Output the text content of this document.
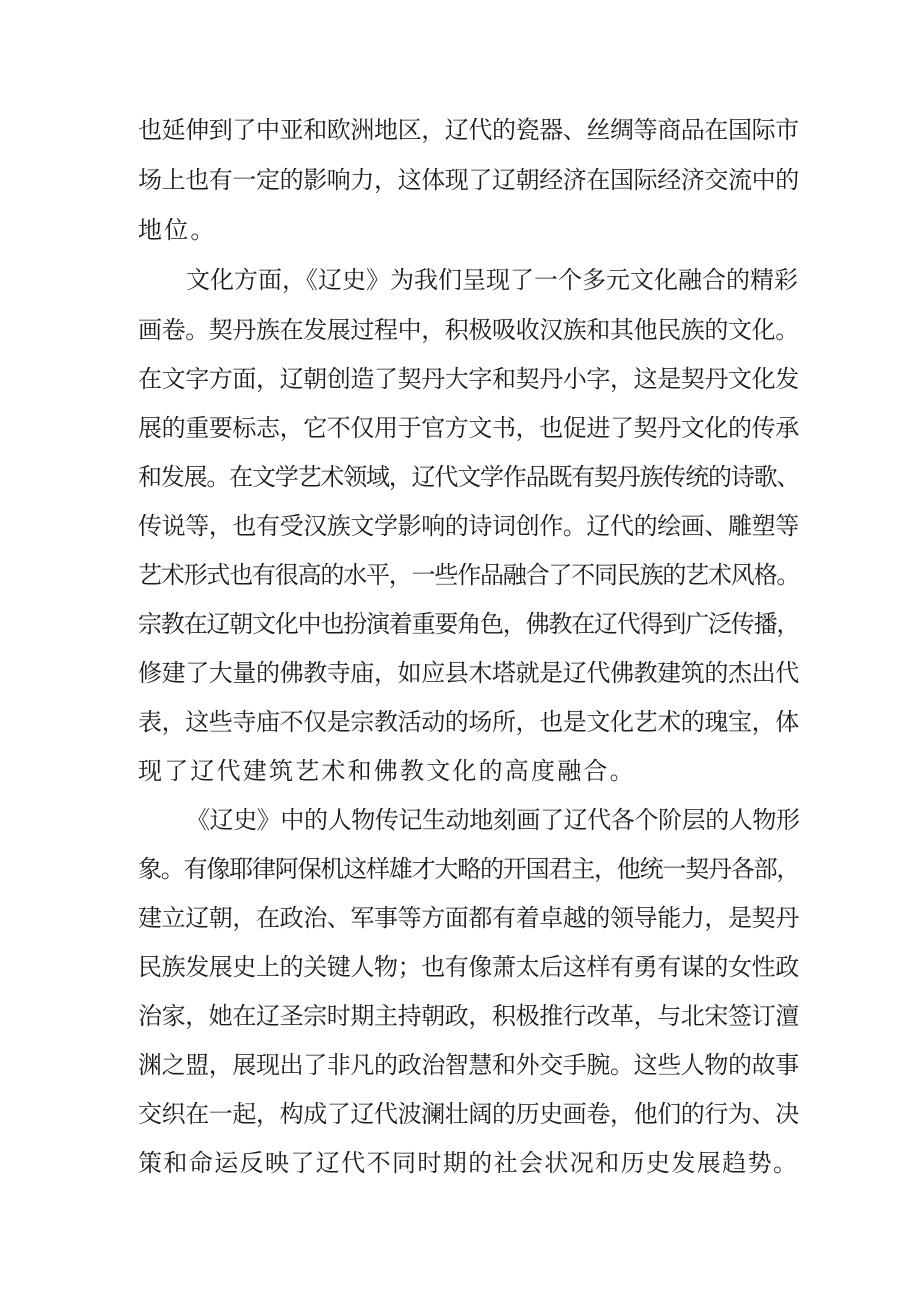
也延伸到了中亚和欧洲地区，辽代的瓷器、丝绸等商品在国际市
场上也有一定的影响力，这体现了辽朝经济在国际经济交流中的
地位。
文化方面，《辽史》为我们呈现了一个多元文化融合的精彩
画卷。契丹族在发展过程中，积极吸收汉族和其他民族的文化。
在文字方面，辽朝创造了契丹大字和契丹小字，这是契丹文化发
展的重要标志，它不仅用于官方文书，也促进了契丹文化的传承
和发展。在文学艺术领域，辽代文学作品既有契丹族传统的诗歌、
传说等，也有受汉族文学影响的诗词创作。辽代的绘画、雕塑等
艺术形式也有很高的水平，一些作品融合了不同民族的艺术风格。
宗教在辽朝文化中也扮演着重要角色，佛教在辽代得到广泛传播，
修建了大量的佛教寺庙，如应县木塔就是辽代佛教建筑的杰出代
表，这些寺庙不仅是宗教活动的场所，也是文化艺术的瑰宝，体
现了辽代建筑艺术和佛教文化的高度融合。
《辽史》中的人物传记生动地刻画了辽代各个阶层的人物形
象。有像耶律阿保机这样雄才大略的开国君主，他统一契丹各部，
建立辽朝，在政治、军事等方面都有着卓越的领导能力，是契丹
民族发展史上的关键人物；也有像萧太后这样有勇有谋的女性政
治家，她在辽圣宗时期主持朝政，积极推行改革，与北宋签订澶
渊之盟，展现出了非凡的政治智慧和外交手腕。这些人物的故事
交织在一起，构成了辽代波澜壮阔的历史画卷，他们的行为、决
策和命运反映了辽代不同时期的社会状况和历史发展趋势。
